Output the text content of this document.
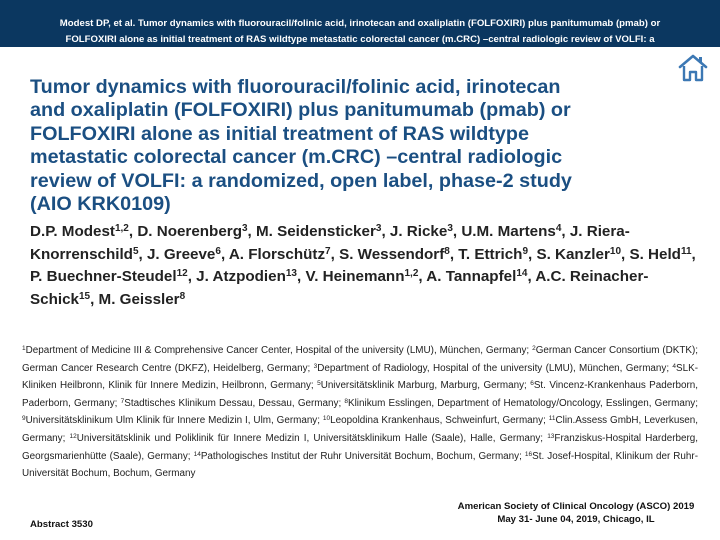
Modest DP, et al. Tumor dynamics with fluorouracil/folinic acid, irinotecan and oxaliplatin (FOLFOXIRI) plus panitumumab (pmab) or
FOLFOXIRI alone as initial treatment of RAS wildtype metastatic colorectal cancer (m.CRC) –central radiologic review of VOLFI: a
randomized, open label, phase-2 study (AIO KRK0109)

Tumor dynamics with fluorouracil/folinic acid, irinotecan
and oxaliplatin (FOLFOXIRI) plus panitumumab (pmab) or
FOLFOXIRI alone as initial treatment of RAS wildtype
metastatic colorectal cancer (m.CRC) –central radiologic
review of VOLFI: a randomized, open label, phase-2 study
(AIO KRK0109)
D.P. Modest$^{1,2}$, D. Noerenberg$^3$, M. Seidensticker$^3$, J. Ricke$^3$, U.M. Martens$^4$, J. Riera-Knorrenschild$^5$, J. Greeve$^6$, A. Florschütz$^7$, S. Wessendorf$^8$, T. Ettrich$^9$, S. Kanzler$^{10}$, S. Held$^{11}$, P. Buechner-Steudel$^{12}$, J. Atzpodien$^{13}$, V. Heinemann$^{1,2}$, A. Tannapfel$^{14}$, A.C. Reinacher-Schick$^{15}$, M. Geissler$^8$
$^1$Department of Medicine III & Comprehensive Cancer Center, Hospital of the university (LMU), München, Germany; $^2$German Cancer Consortium (DKTK); German Cancer Research Centre (DKFZ), Heidelberg, Germany; $^3$Department of Radiology, Hospital of the university (LMU), München, Germany; $^4$SLK-Kliniken Heilbronn, Klinik für Innere Medizin, Heilbronn, Germany; $^5$Universitätsklinik Marburg, Marburg, Germany; $^6$St. Vincenz-Krankenhaus Paderborn, Paderborn, Germany; $^7$Stadtisches Klinikum Dessau, Dessau, Germany; $^8$Klinikum Esslingen, Department of Hematology/Oncology, Esslingen, Germany; $^9$Universitätsklinikum Ulm Klinik für Innere Medizin I, Ulm, Germany; $^{10}$Leopoldina Krankenhaus, Schweinfurt, Germany; $^{11}$Clin.Assess GmbH, Leverkusen, Germany; $^{12}$Universitätsklinik und Poliklinik für Innere Medizin I, Universitätsklinikum Halle (Saale), Halle, Germany; $^{13}$Franziskus-Hospital Harderberg, Georgsmarienhütte (Saale), Germany; $^{14}$Pathologisches Institut der Ruhr Universität Bochum, Bochum, Germany; $^{16}$St. Josef-Hospital, Klinikum der Ruhr-Universität Bochum, Bochum, Germany
Abstract 3530
American Society of Clinical Oncology (ASCO) 2019
May 31- June 04, 2019, Chicago, IL
